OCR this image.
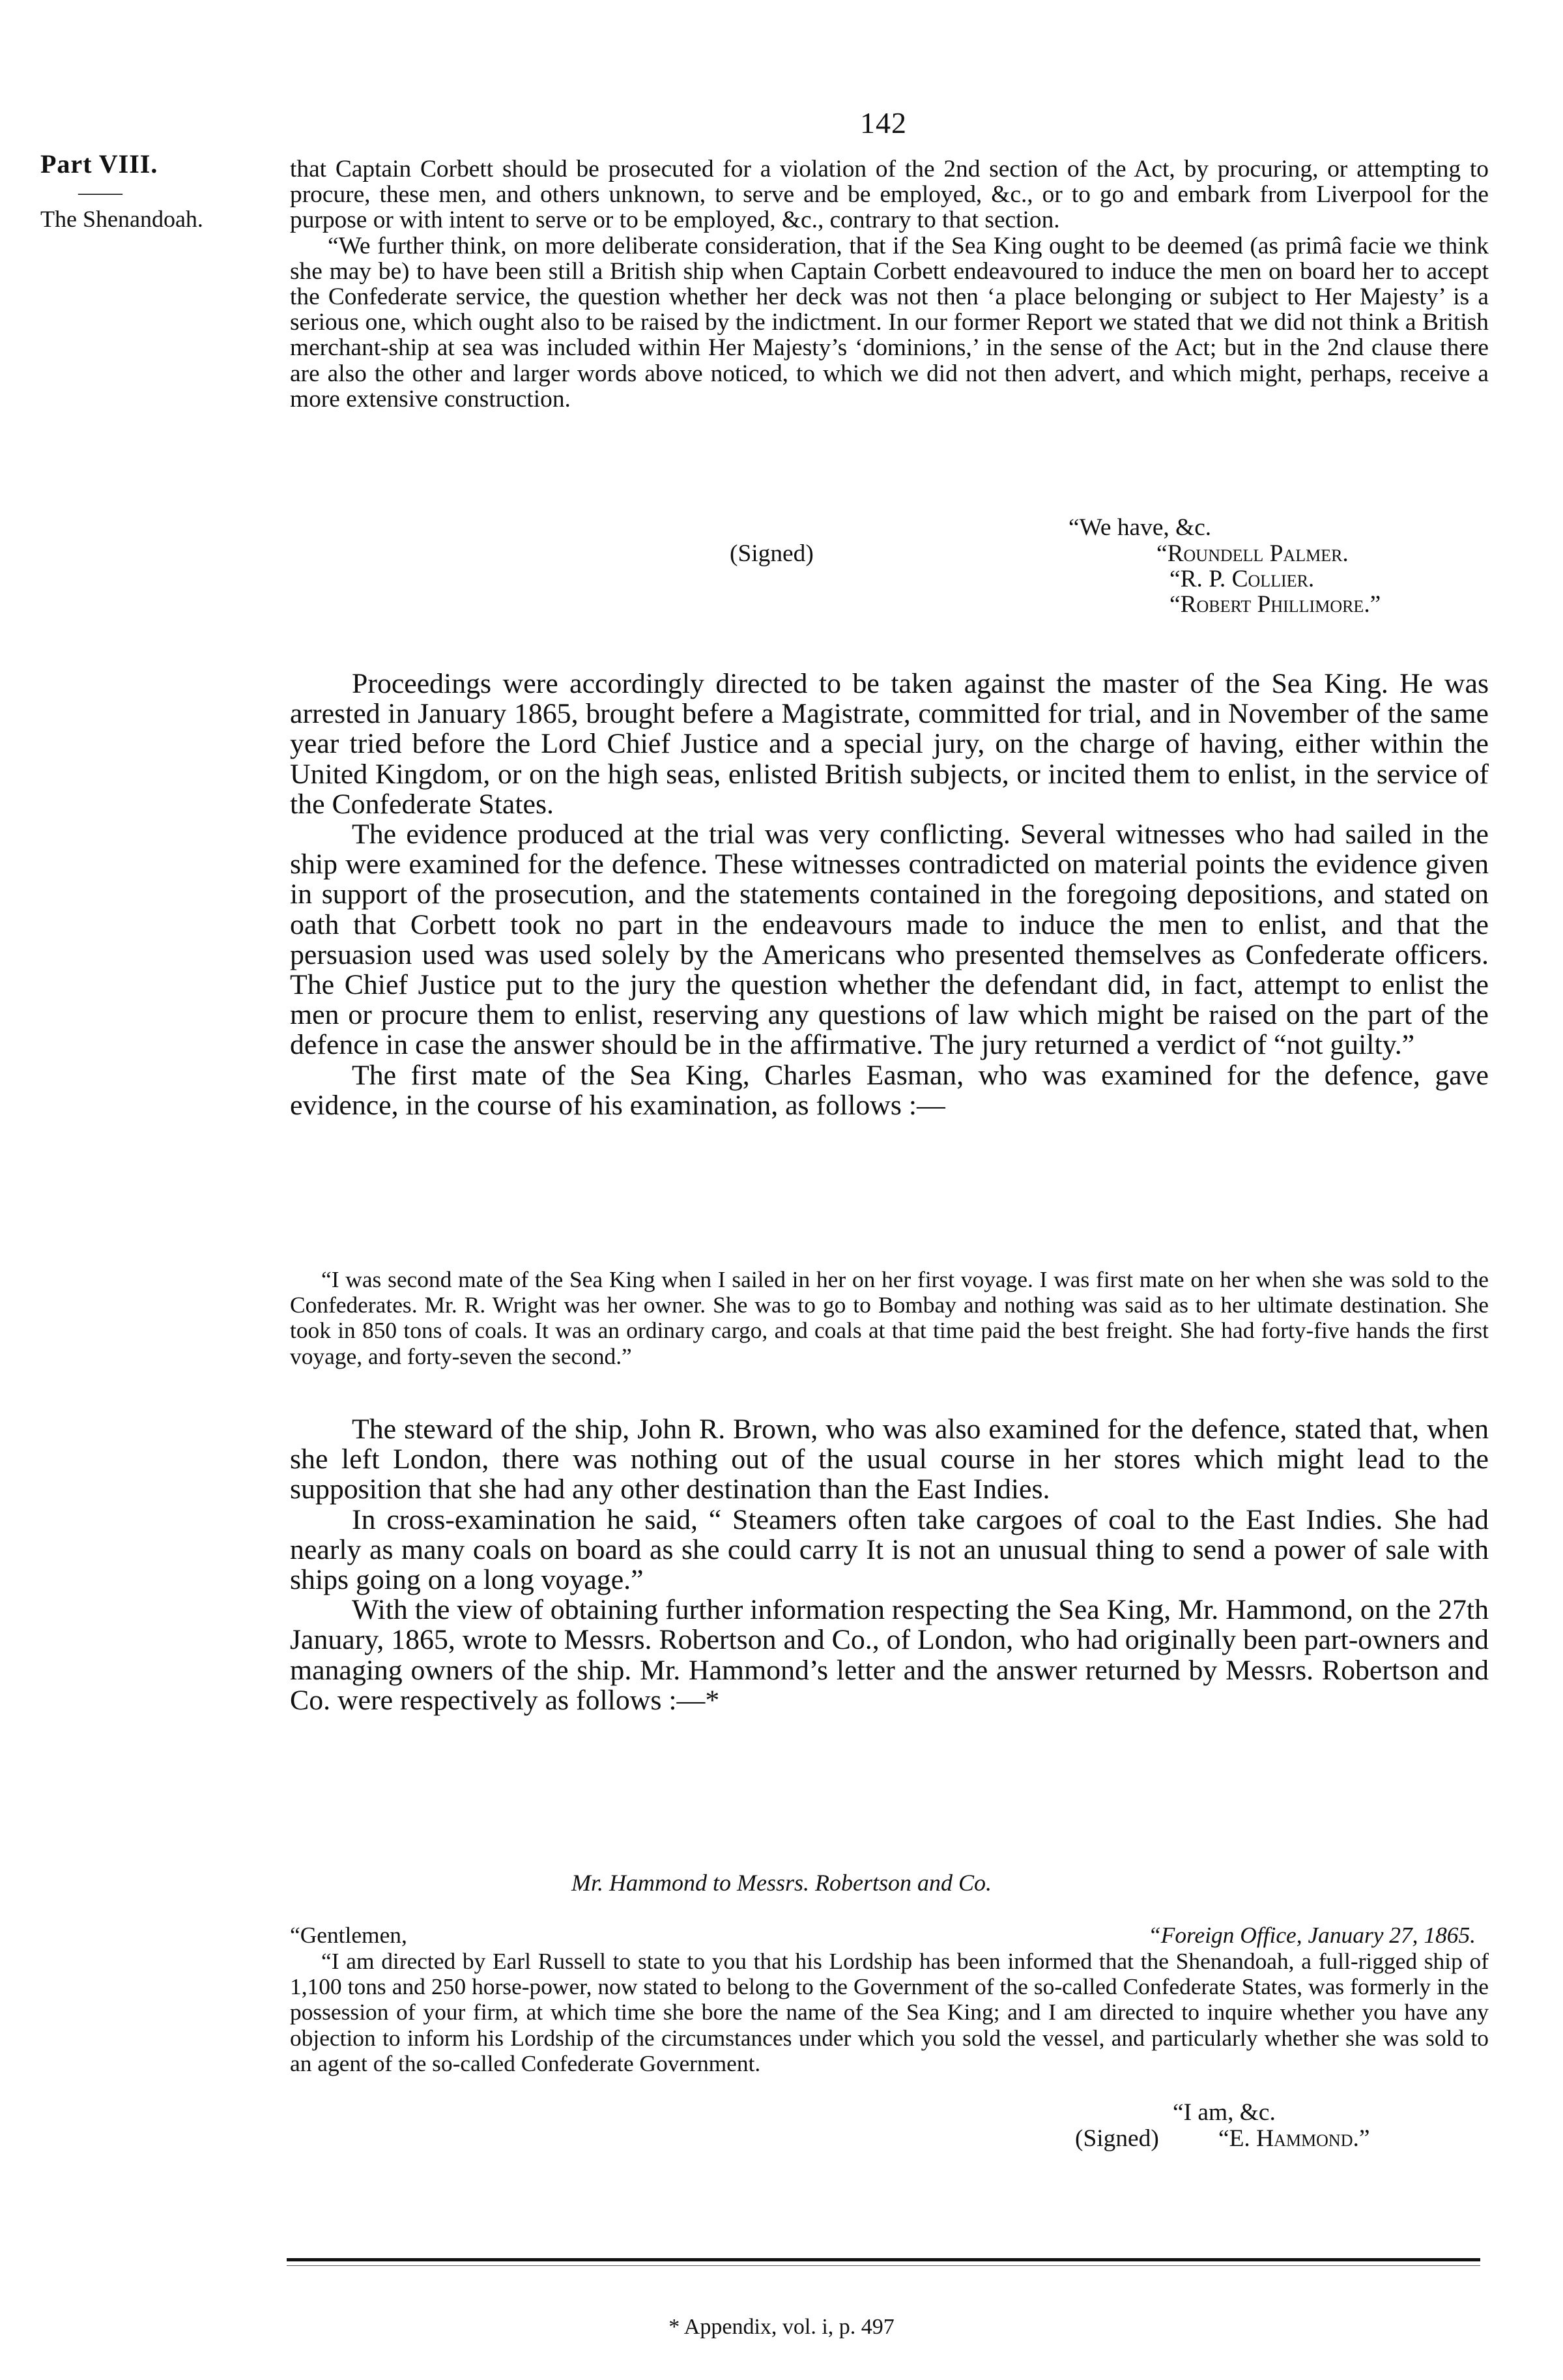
142
Part VIII.
——
The Shenandoah.

that Captain Corbett should be prosecuted for a violation of the 2nd section of the Act, by procuring, or attempting to procure, these men, and others unknown, to serve and be employed, &c., or to go and embark from Liverpool for the purpose or with intent to serve or to be employed, &c., contrary to that section.

“We further think, on more deliberate consideration, that if the Sea King ought to be deemed (as primâ facie we think she may be) to have been still a British ship when Captain Corbett endeavoured to induce the men on board her to accept the Confederate service, the question whether her deck was not then ‘a place belonging or subject to Her Majesty’ is a serious one, which ought also to be raised by the indictment. In our former Report we stated that we did not think a British merchant-ship at sea was included within Her Majesty’s ‘dominions,’ in the sense of the Act; but in the 2nd clause there are also the other and larger words above noticed, to which we did not then advert, and which might, perhaps, receive a more extensive construction.

“We have, &c.
(Signed)	“Roundell Palmer.
“R. P. Collier.
“Robert Phillimore.”

Proceedings were accordingly directed to be taken against the master of the Sea King. He was arrested in January 1865, brought befere a Magistrate, committed for trial, and in November of the same year tried before the Lord Chief Justice and a special jury, on the charge of having, either within the United Kingdom, or on the high seas, enlisted British subjects, or incited them to enlist, in the service of the Confederate States.

The evidence produced at the trial was very conflicting. Several witnesses who had sailed in the ship were examined for the defence. These witnesses contradicted on material points the evidence given in support of the prosecution, and the statements contained in the foregoing depositions, and stated on oath that Corbett took no part in the endeavours made to induce the men to enlist, and that the persuasion used was used solely by the Americans who presented themselves as Confederate officers. The Chief Justice put to the jury the question whether the defendant did, in fact, attempt to enlist the men or procure them to enlist, reserving any questions of law which might be raised on the part of the defence in case the answer should be in the affirmative. The jury returned a verdict of “not guilty.”

The first mate of the Sea King, Charles Easman, who was examined for the defence, gave evidence, in the course of his examination, as follows :—

“I was second mate of the Sea King when I sailed in her on her first voyage. I was first mate on her when she was sold to the Confederates. Mr. R. Wright was her owner. She was to go to Bombay and nothing was said as to her ultimate destination. She took in 850 tons of coals. It was an ordinary cargo, and coals at that time paid the best freight. She had forty-five hands the first voyage, and forty-seven the second.”

The steward of the ship, John R. Brown, who was also examined for the defence, stated that, when she left London, there was nothing out of the usual course in her stores which might lead to the supposition that she had any other destination than the East Indies.

In cross-examination he said, “ Steamers often take cargoes of coal to the East Indies. She had nearly as many coals on board as she could carry It is not an unusual thing to send a power of sale with ships going on a long voyage.”

With the view of obtaining further information respecting the Sea King, Mr. Hammond, on the 27th January, 1865, wrote to Messrs. Robertson and Co., of London, who had originally been part-owners and managing owners of the ship. Mr. Hammond’s letter and the answer returned by Messrs. Robertson and Co. were respectively as follows :—*

Mr. Hammond to Messrs. Robertson and Co.
“Gentlemen,	“Foreign Office, January 27, 1865.

“I am directed by Earl Russell to state to you that his Lordship has been informed that the Shenandoah, a full-rigged ship of 1,100 tons and 250 horse-power, now stated to belong to the Government of the so-called Confederate States, was formerly in the possession of your firm, at which time she bore the name of the Sea King; and I am directed to inquire whether you have any objection to inform his Lordship of the circumstances under which you sold the vessel, and particularly whether she was sold to an agent of the so-called Confederate Government.

“I am, &c.
(Signed) “E. Hammond.”
* Appendix, vol. i, p. 497
